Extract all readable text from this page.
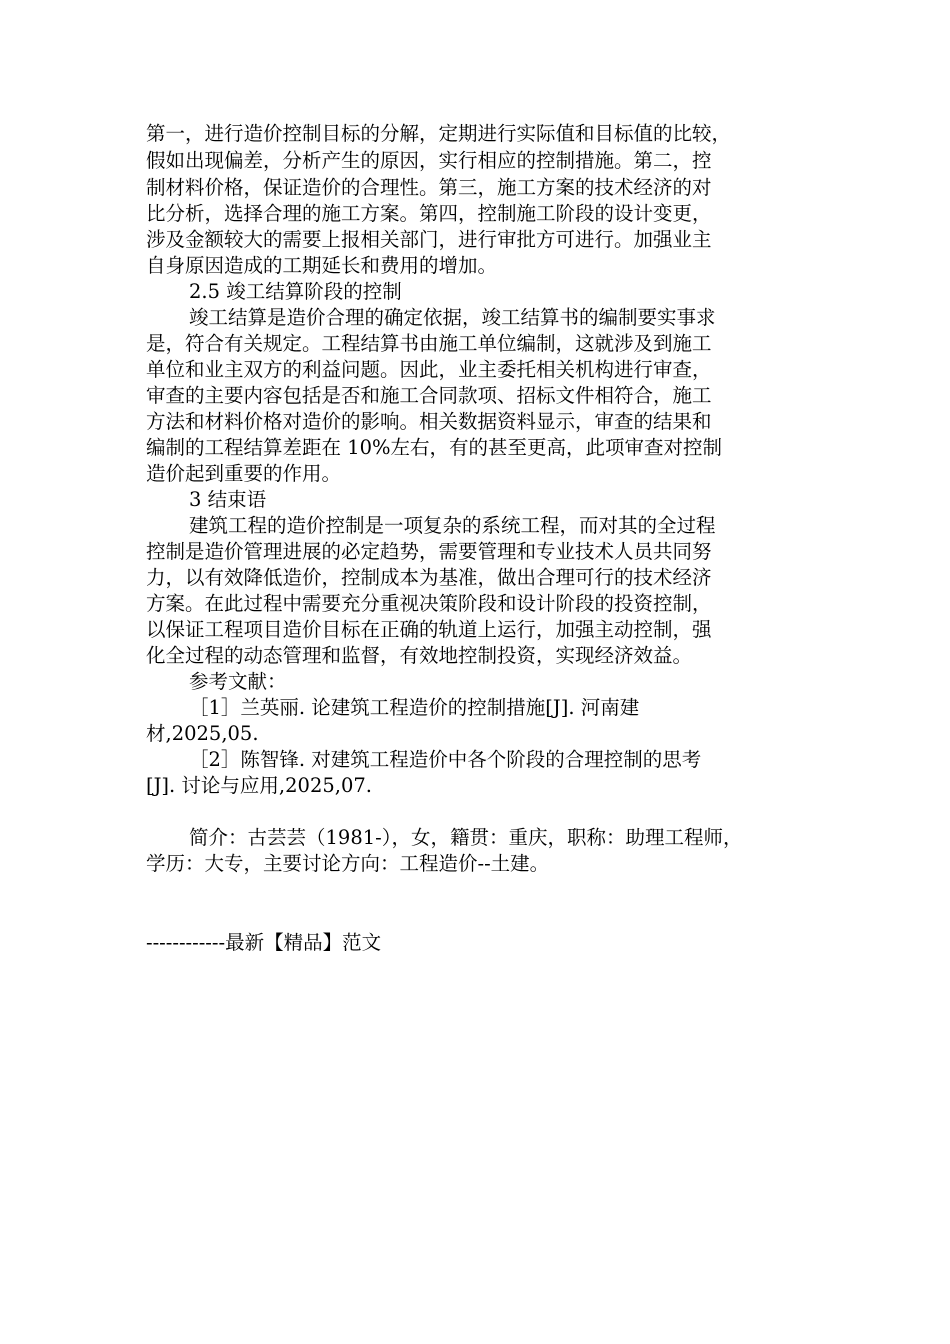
第一，进行造价控制目标的分解，定期进行实际值和目标值的比较，
假如出现偏差，分析产生的原因，实行相应的控制措施。第二，控
制材料价格，保证造价的合理性。第三，施工方案的技术经济的对
比分析，选择合理的施工方案。第四，控制施工阶段的设计变更，
涉及金额较大的需要上报相关部门，进行审批方可进行。加强业主
自身原因造成的工期延长和费用的增加。
2.5 竣工结算阶段的控制
竣工结算是造价合理的确定依据，竣工结算书的编制要实事求
是，符合有关规定。工程结算书由施工单位编制，这就涉及到施工
单位和业主双方的利益问题。因此，业主委托相关机构进行审查，
审查的主要内容包括是否和施工合同款项、招标文件相符合，施工
方法和材料价格对造价的影响。相关数据资料显示，审查的结果和
编制的工程结算差距在 10%左右，有的甚至更高，此项审查对控制
造价起到重要的作用。
3 结束语
建筑工程的造价控制是一项复杂的系统工程，而对其的全过程
控制是造价管理进展的必定趋势，需要管理和专业技术人员共同努
力，以有效降低造价，控制成本为基准，做出合理可行的技术经济
方案。在此过程中需要充分重视决策阶段和设计阶段的投资控制，
以保证工程项目造价目标在正确的轨道上运行，加强主动控制，强
化全过程的动态管理和监督，有效地控制投资，实现经济效益。
参考文献：
［1］兰英丽. 论建筑工程造价的控制措施[J]. 河南建
材,2025,05.
［2］陈智锋. 对建筑工程造价中各个阶段的合理控制的思考
[J]. 讨论与应用,2025,07.
简介：古芸芸（1981-），女，籍贯：重庆，职称：助理工程师，
学历：大专，主要讨论方向：工程造价--土建。
------------最新【精品】范文
